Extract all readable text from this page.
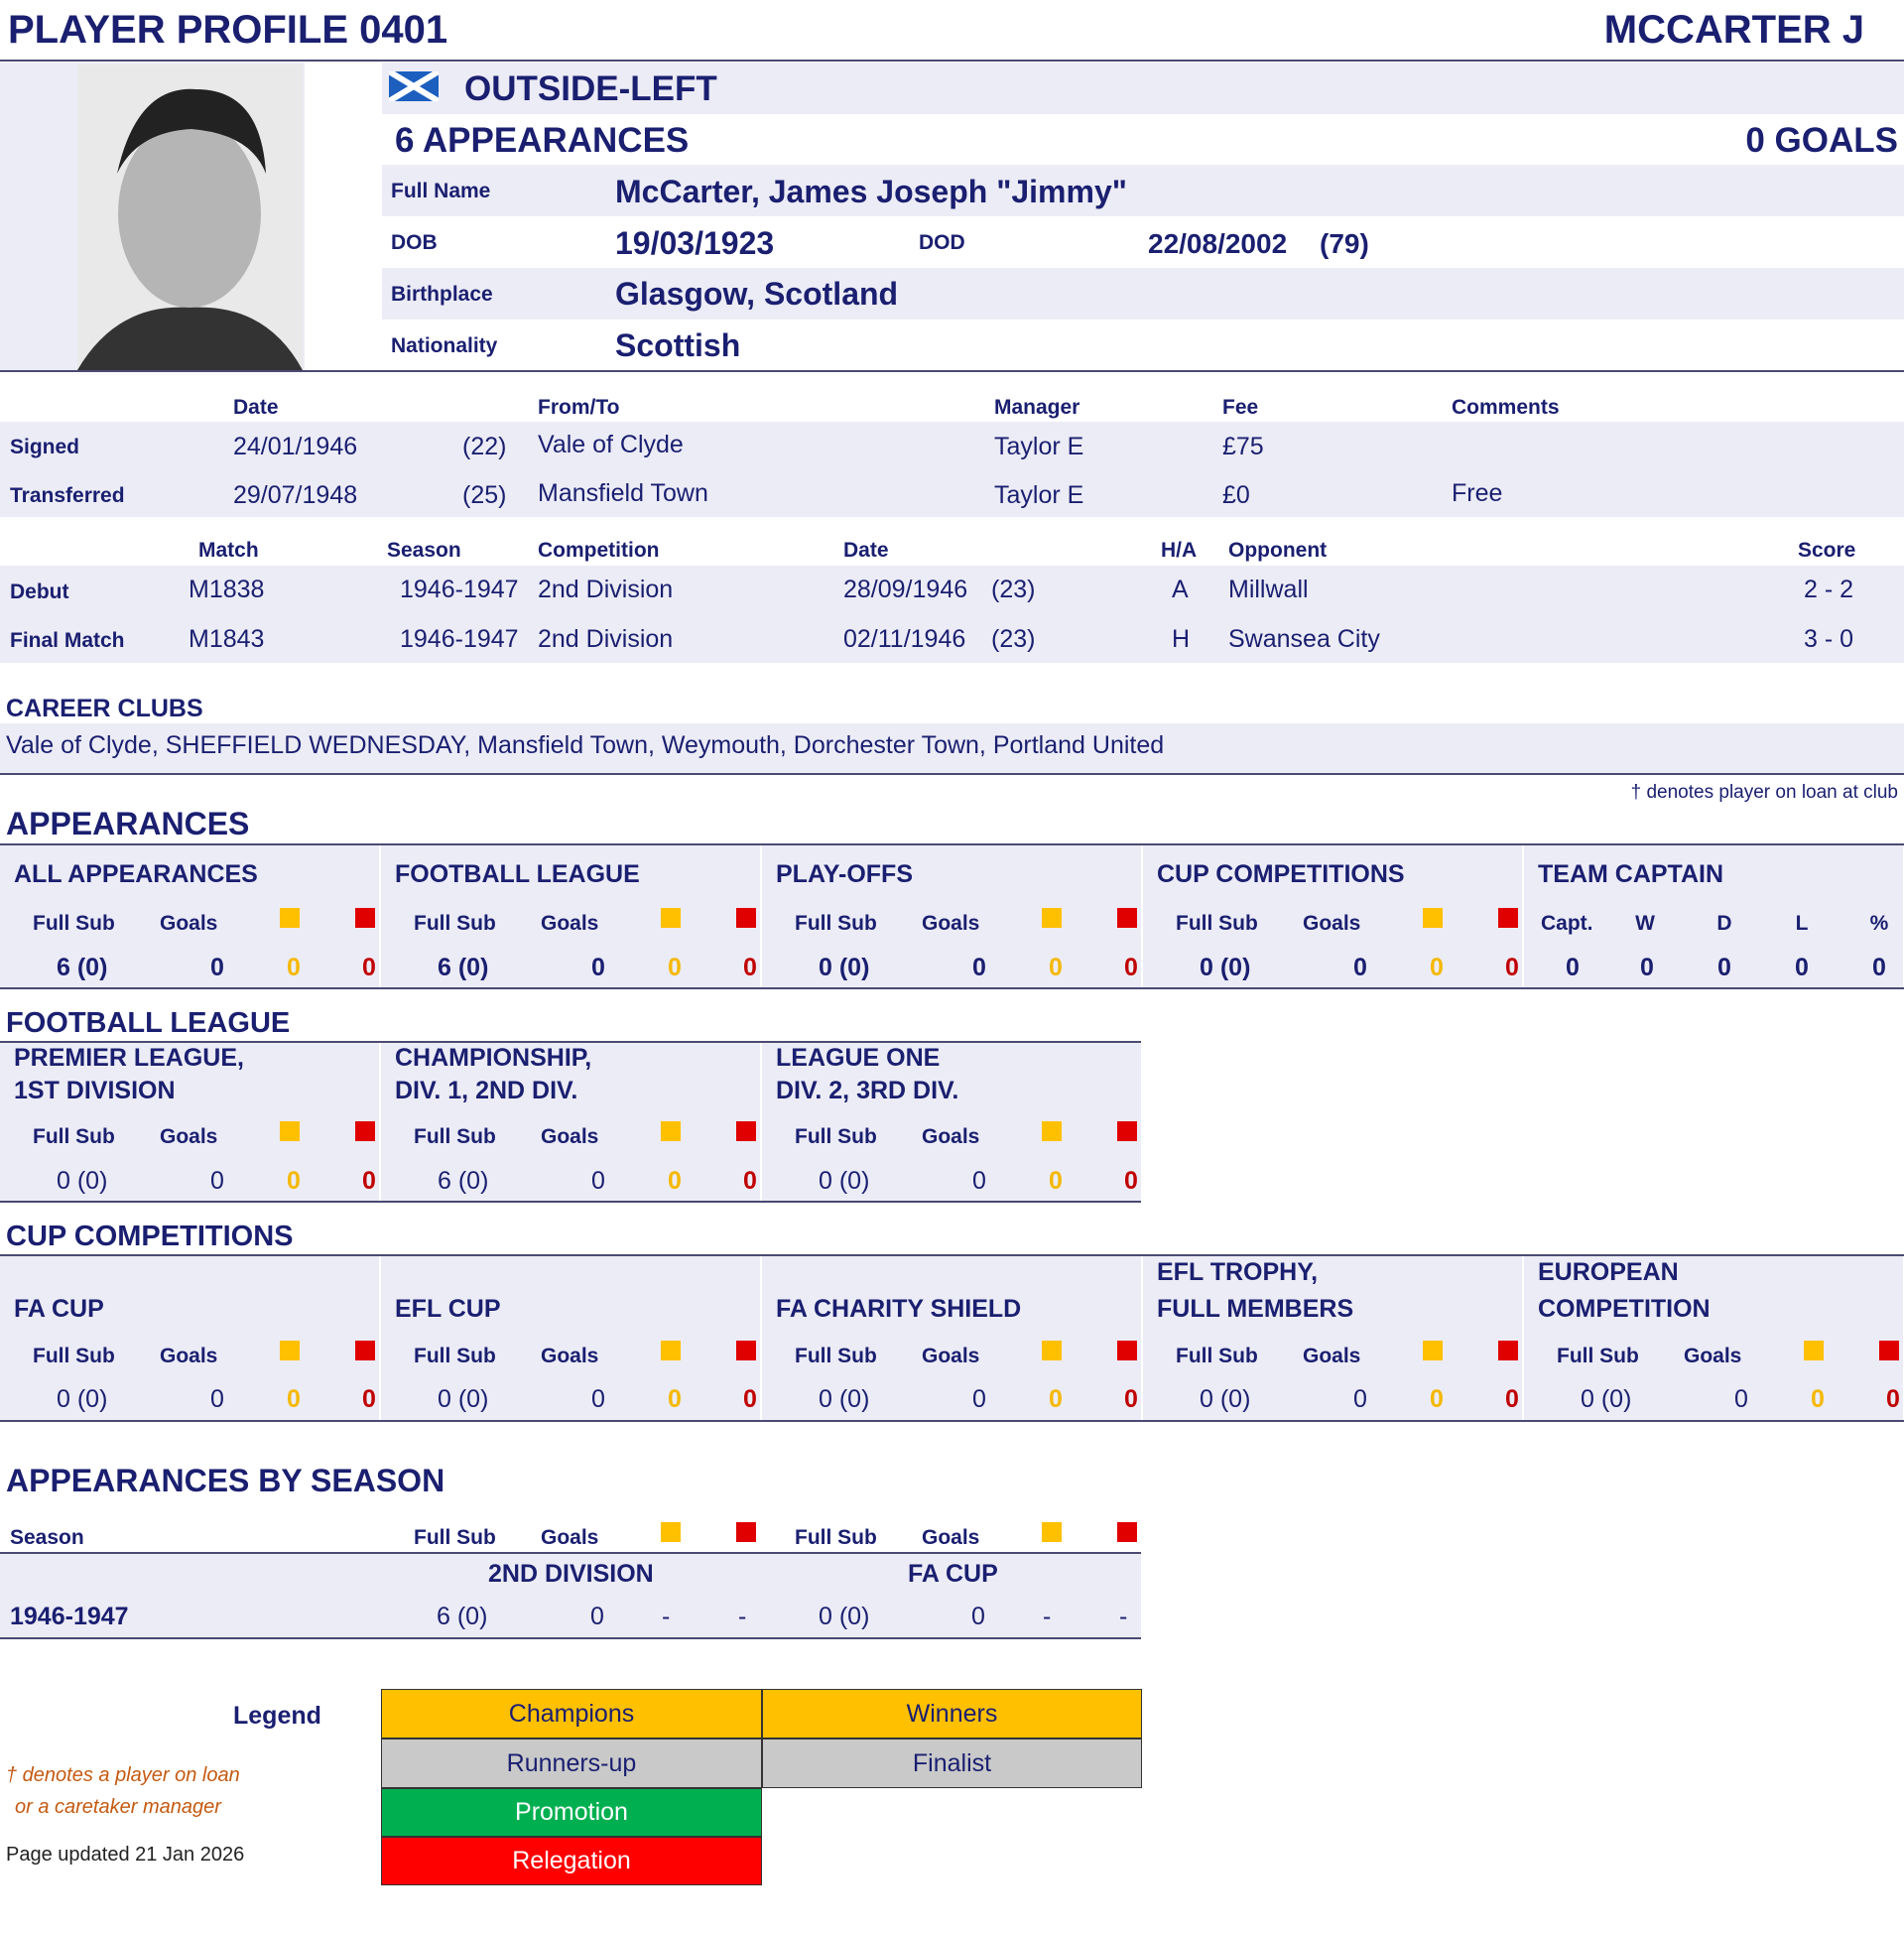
PLAYER PROFILE 0401	MCCARTER J
OUTSIDE-LEFT
6 APPEARANCES	0 GOALS
Full Name	McCarter, James Joseph "Jimmy"
DOB	19/03/1923	DOD	22/08/2002 (79)
Birthplace	Glasgow, Scotland
Nationality	Scottish
Date	From/To	Manager	Fee	Comments
Signed	24/01/1946	(22) Vale of Clyde	Taylor E	£75
Transferred	29/07/1948	(25) Mansfield Town	Taylor E	£0	Free
Match	Season	Competition	Date	H/A Opponent	Score
Debut	M1838	1946-1947 2nd Division	28/09/1946 (23)	A Millwall	2 - 2
Final Match	M1843	1946-1947 2nd Division	02/11/1946 (23)	H Swansea City	3 - 0
CAREER CLUBS
Vale of Clyde, SHEFFIELD WEDNESDAY, Mansfield Town, Weymouth, Dorchester Town, Portland United
† denotes player on loan at club
APPEARANCES
ALL APPEARANCES
Full Sub Goals
6 (0)	0	0 0
FOOTBALL LEAGUE
Full Sub Goals
6 (0)	0	0 0
PLAY-OFFS
Full Sub Goals
0 (0)	0	0 0
CUP COMPETITIONS
Full Sub Goals
0 (0)	0	0 0
TEAM CAPTAIN
Capt.
0
W
0
D
0
L
0
%
0
FOOTBALL LEAGUE
PREMIER LEAGUE,
1ST DIVISION
Full Sub Goals
0 (0)	0	0 0
CHAMPIONSHIP,
DIV. 1, 2ND DIV.
Full Sub Goals
6 (0)	0	0 0
LEAGUE ONE
DIV. 2, 3RD DIV.
Full Sub Goals
0 (0)	0	0 0
CUP COMPETITIONS
FA CUP
Full Sub Goals
0 (0)	0	0 0
EFL CUP
Full Sub Goals
0 (0)	0	0 0
FA CHARITY SHIELD
Full Sub Goals
0 (0)	0	0 0
EFL TROPHY,
FULL MEMBERS
Full Sub Goals
0 (0)	0	0 0
EUROPEAN
COMPETITION
Full Sub Goals
0 (0)	0	0 0
APPEARANCES BY SEASON
Season	Full Sub Goals	Full Sub Goals
2ND DIVISION	FA CUP
1946-1947	6 (0)	0 -	-	0 (0)	0 -	-
Legend	Champions	Winners
Runners-up	Finalist
Promotion
Relegation
† denotes a player on loan
or a caretaker manager
Page updated 21 Jan 2026
